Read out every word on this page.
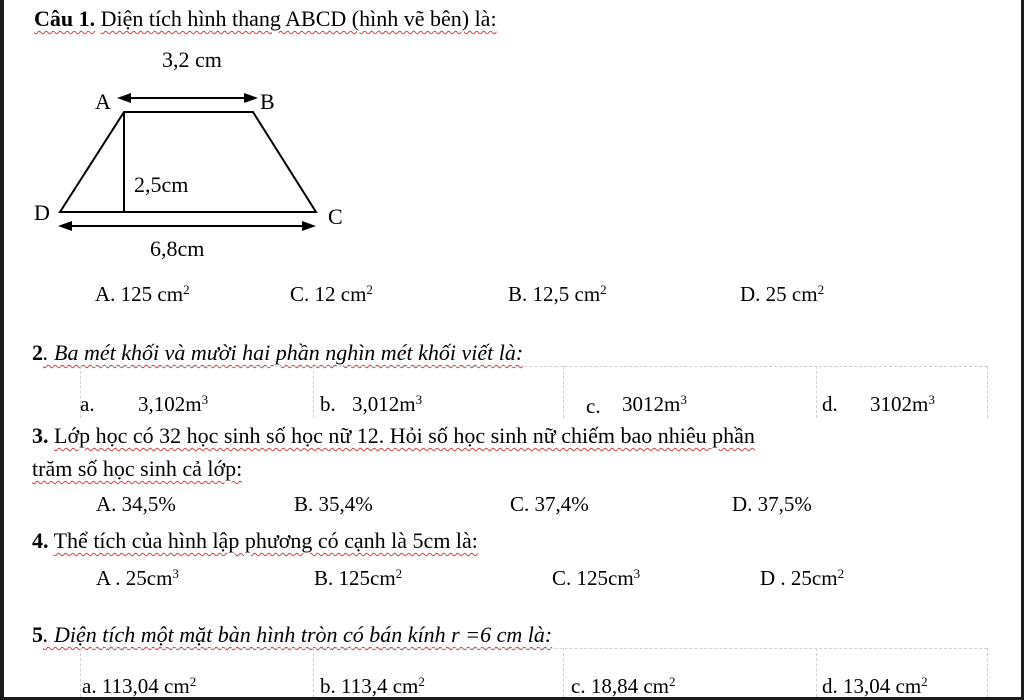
Câu 1. Diện tích hình thang ABCD (hình vẽ bên) là:
3,2 cm
A	B
D	C
2,5cm
6,8cm
A. 125 $cm^2$	C. 12 $cm^2$	B. 12,5 $cm^2$	D. 25 $cm^2$
2. Ba mét khối và mười hai phần nghìn mét khối viết là:
a. $3,102m^3$	b. $3,012m^3$	c. $3012m^3$	d. $3102m^3$
3. Lớp học có 32 học sinh số học nữ 12. Hỏi số học sinh nữ chiếm bao nhiêu phần
trăm số học sinh cả lớp:
A. 34,5%	B. 35,4%	C. 37,4%	D. 37,5%
4. Thể tích của hình lập phương có cạnh là 5cm là:
A . $25cm^3$	B. $125cm^2$	C. $125cm^3$	D . $25cm^2$
5. Diện tích một mặt bàn hình tròn có bán kính r =6 cm là:
a. 113,04 $cm^2$	b. 113,4 $cm^2$	c. 18,84 $cm^2$	d. 13,04 $cm^2$
